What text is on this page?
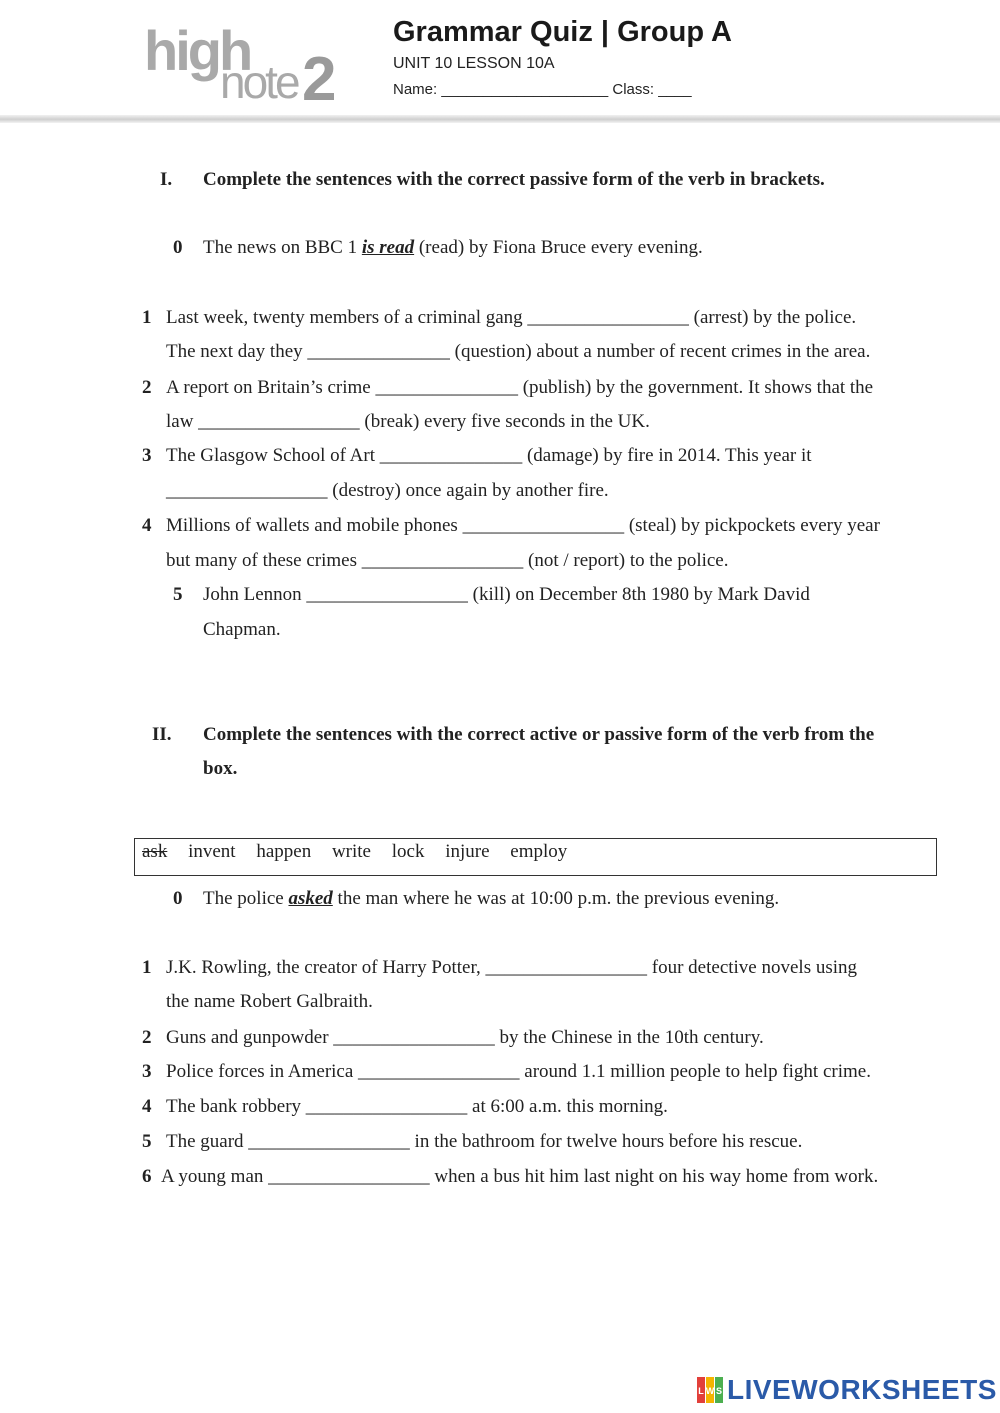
high
note 2
Grammar Quiz | Group A
UNIT 10 LESSON 10A
Name: ____________________ Class: ____
I. Complete the sentences with the correct passive form of the verb in brackets.
0 The news on BBC 1 is read (read) by Fiona Bruce every evening.
1 Last week, twenty members of a criminal gang _________________ (arrest) by the police.
The next day they _______________ (question) about a number of recent crimes in the area.
2 A report on Britain’s crime _______________ (publish) by the government. It shows that the
law _________________ (break) every five seconds in the UK.
3 The Glasgow School of Art _______________ (damage) by fire in 2014. This year it
_________________ (destroy) once again by another fire.
4 Millions of wallets and mobile phones _________________ (steal) by pickpockets every year
but many of these crimes _________________ (not / report) to the police.
5 John Lennon _________________ (kill) on December 8th 1980 by Mark David
Chapman.
II. Complete the sentences with the correct active or passive form of the verb from the
box.
ask invent happen write lock injure employ
0 The police asked the man where he was at 10:00 p.m. the previous evening.
1 J.K. Rowling, the creator of Harry Potter, _________________ four detective novels using
the name Robert Galbraith.
2 Guns and gunpowder _________________ by the Chinese in the 10th century.
3 Police forces in America _________________ around 1.1 million people to help fight crime.
4 The bank robbery _________________ at 6:00 a.m. this morning.
5 The guard _________________ in the bathroom for twelve hours before his rescue.
6 A young man _________________ when a bus hit him last night on his way home from work.
L W S LIVEWORKSHEETS
